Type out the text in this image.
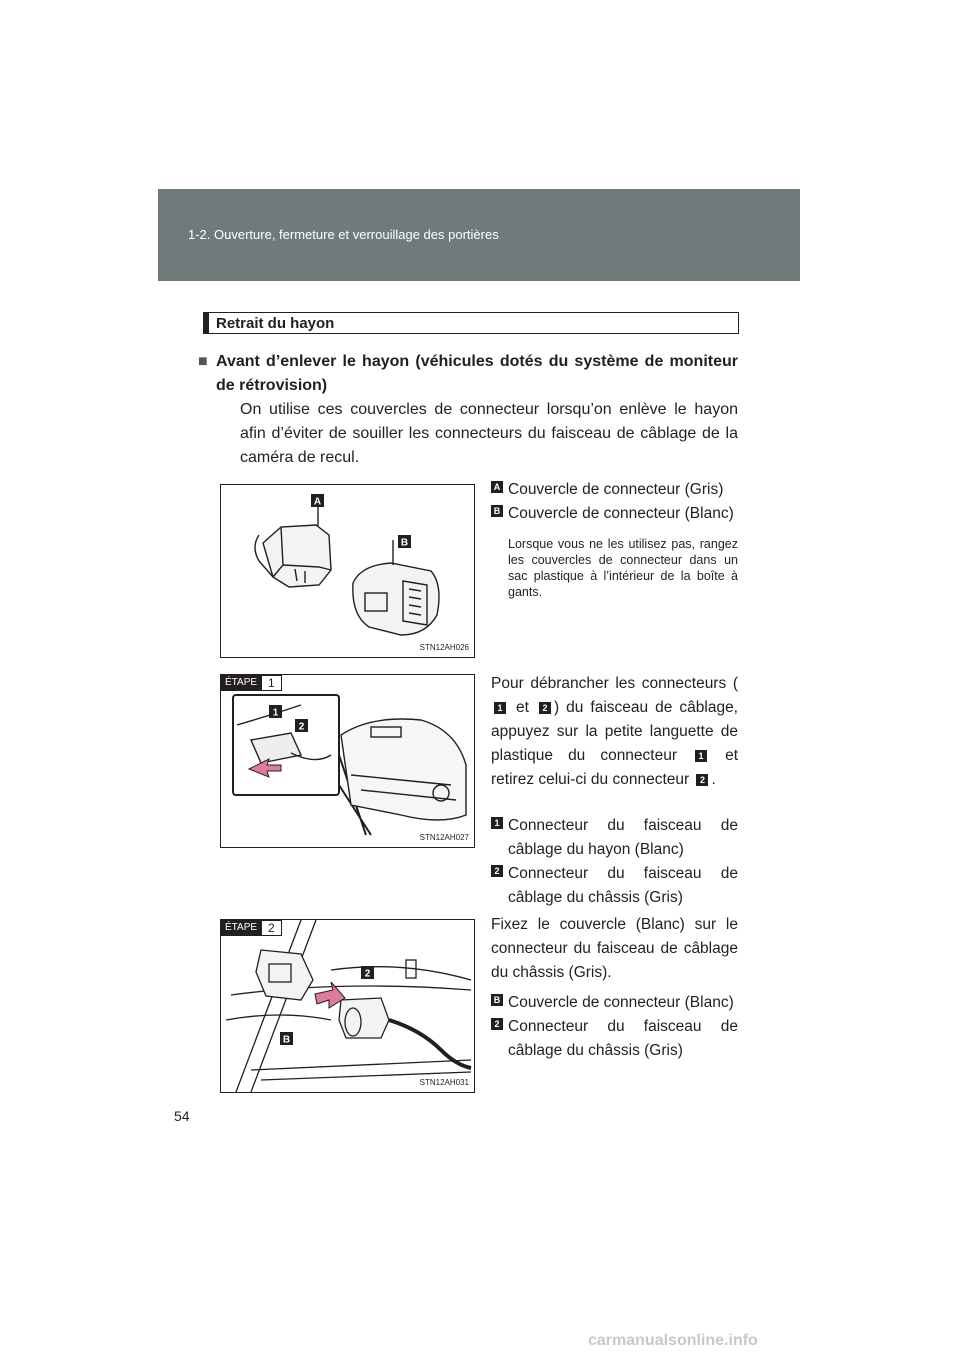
1-2. Ouverture, fermeture et verrouillage des portières
Retrait du hayon
■ Avant d’enlever le hayon (véhicules dotés du système de moniteur de rétrovision)
On utilise ces couvercles de connecteur lorsqu’on enlève le hayon afin d’éviter de souiller les connecteurs du faisceau de câblage de la caméra de recul.
A
B
STN12AH026
A Couvercle de connecteur (Gris)
B Couvercle de connecteur (Blanc)
Lorsque vous ne les utilisez pas, rangez les couvercles de connecteur dans un sac plastique à l’intérieur de la boîte à gants.
ÉTAPE 1
1
2
STN12AH027
Pour débrancher les connecteurs (1 et 2 ) du faisceau de câblage, appuyez sur la petite languette de plastique du connecteur 1 et retirez celui-ci du connecteur 2 .
1 Connecteur du faisceau de câblage du hayon (Blanc)
2 Connecteur du faisceau de câblage du châssis (Gris)
ÉTAPE 2
2
B
STN12AH031
Fixez le couvercle (Blanc) sur le connecteur du faisceau de câblage du châssis (Gris).
B Couvercle de connecteur (Blanc)
2 Connecteur du faisceau de câblage du châssis (Gris)
54
carmanualsonline.info
